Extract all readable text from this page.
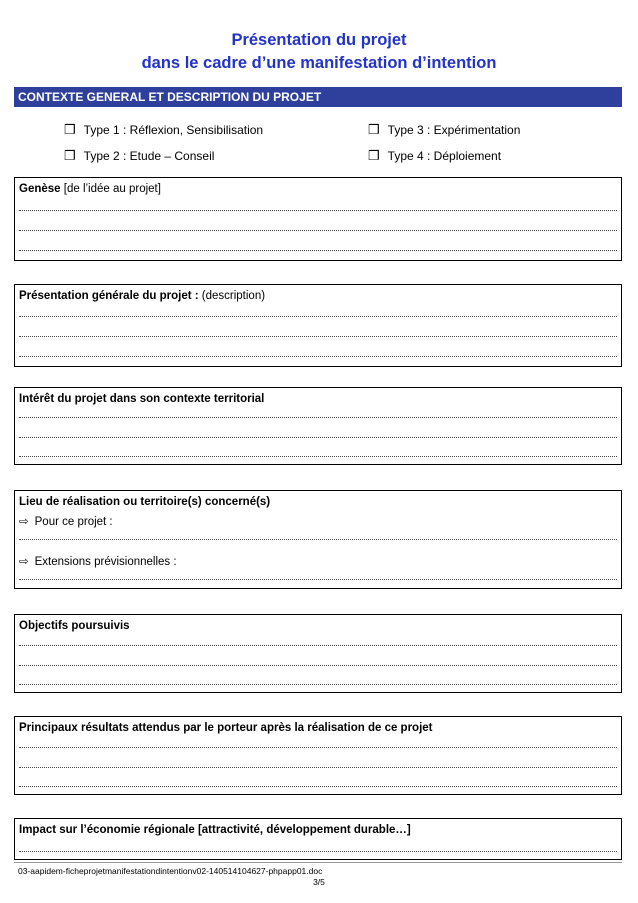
Présentation du projet
dans le cadre d’une manifestation d’intention
CONTEXTE GENERAL ET DESCRIPTION DU PROJET
❒ Type 1 : Réflexion, Sensibilisation	❒ Type 3 : Expérimentation
❒ Type 2 : Etude – Conseil	❒ Type 4 : Déploiement
Genèse [de l’idée au projet]
Présentation générale du projet : (description)
Intérêt du projet dans son contexte territorial
Lieu de réalisation ou territoire(s) concerné(s)
⇨ Pour ce projet :
⇨ Extensions prévisionnelles :
Objectifs poursuivis
Principaux résultats attendus par le porteur après la réalisation de ce projet
Impact sur l’économie régionale [attractivité, développement durable…]
03-aapidem-ficheprojetmanifestationdintentionv02-140514104627-phpapp01.doc
3/5
